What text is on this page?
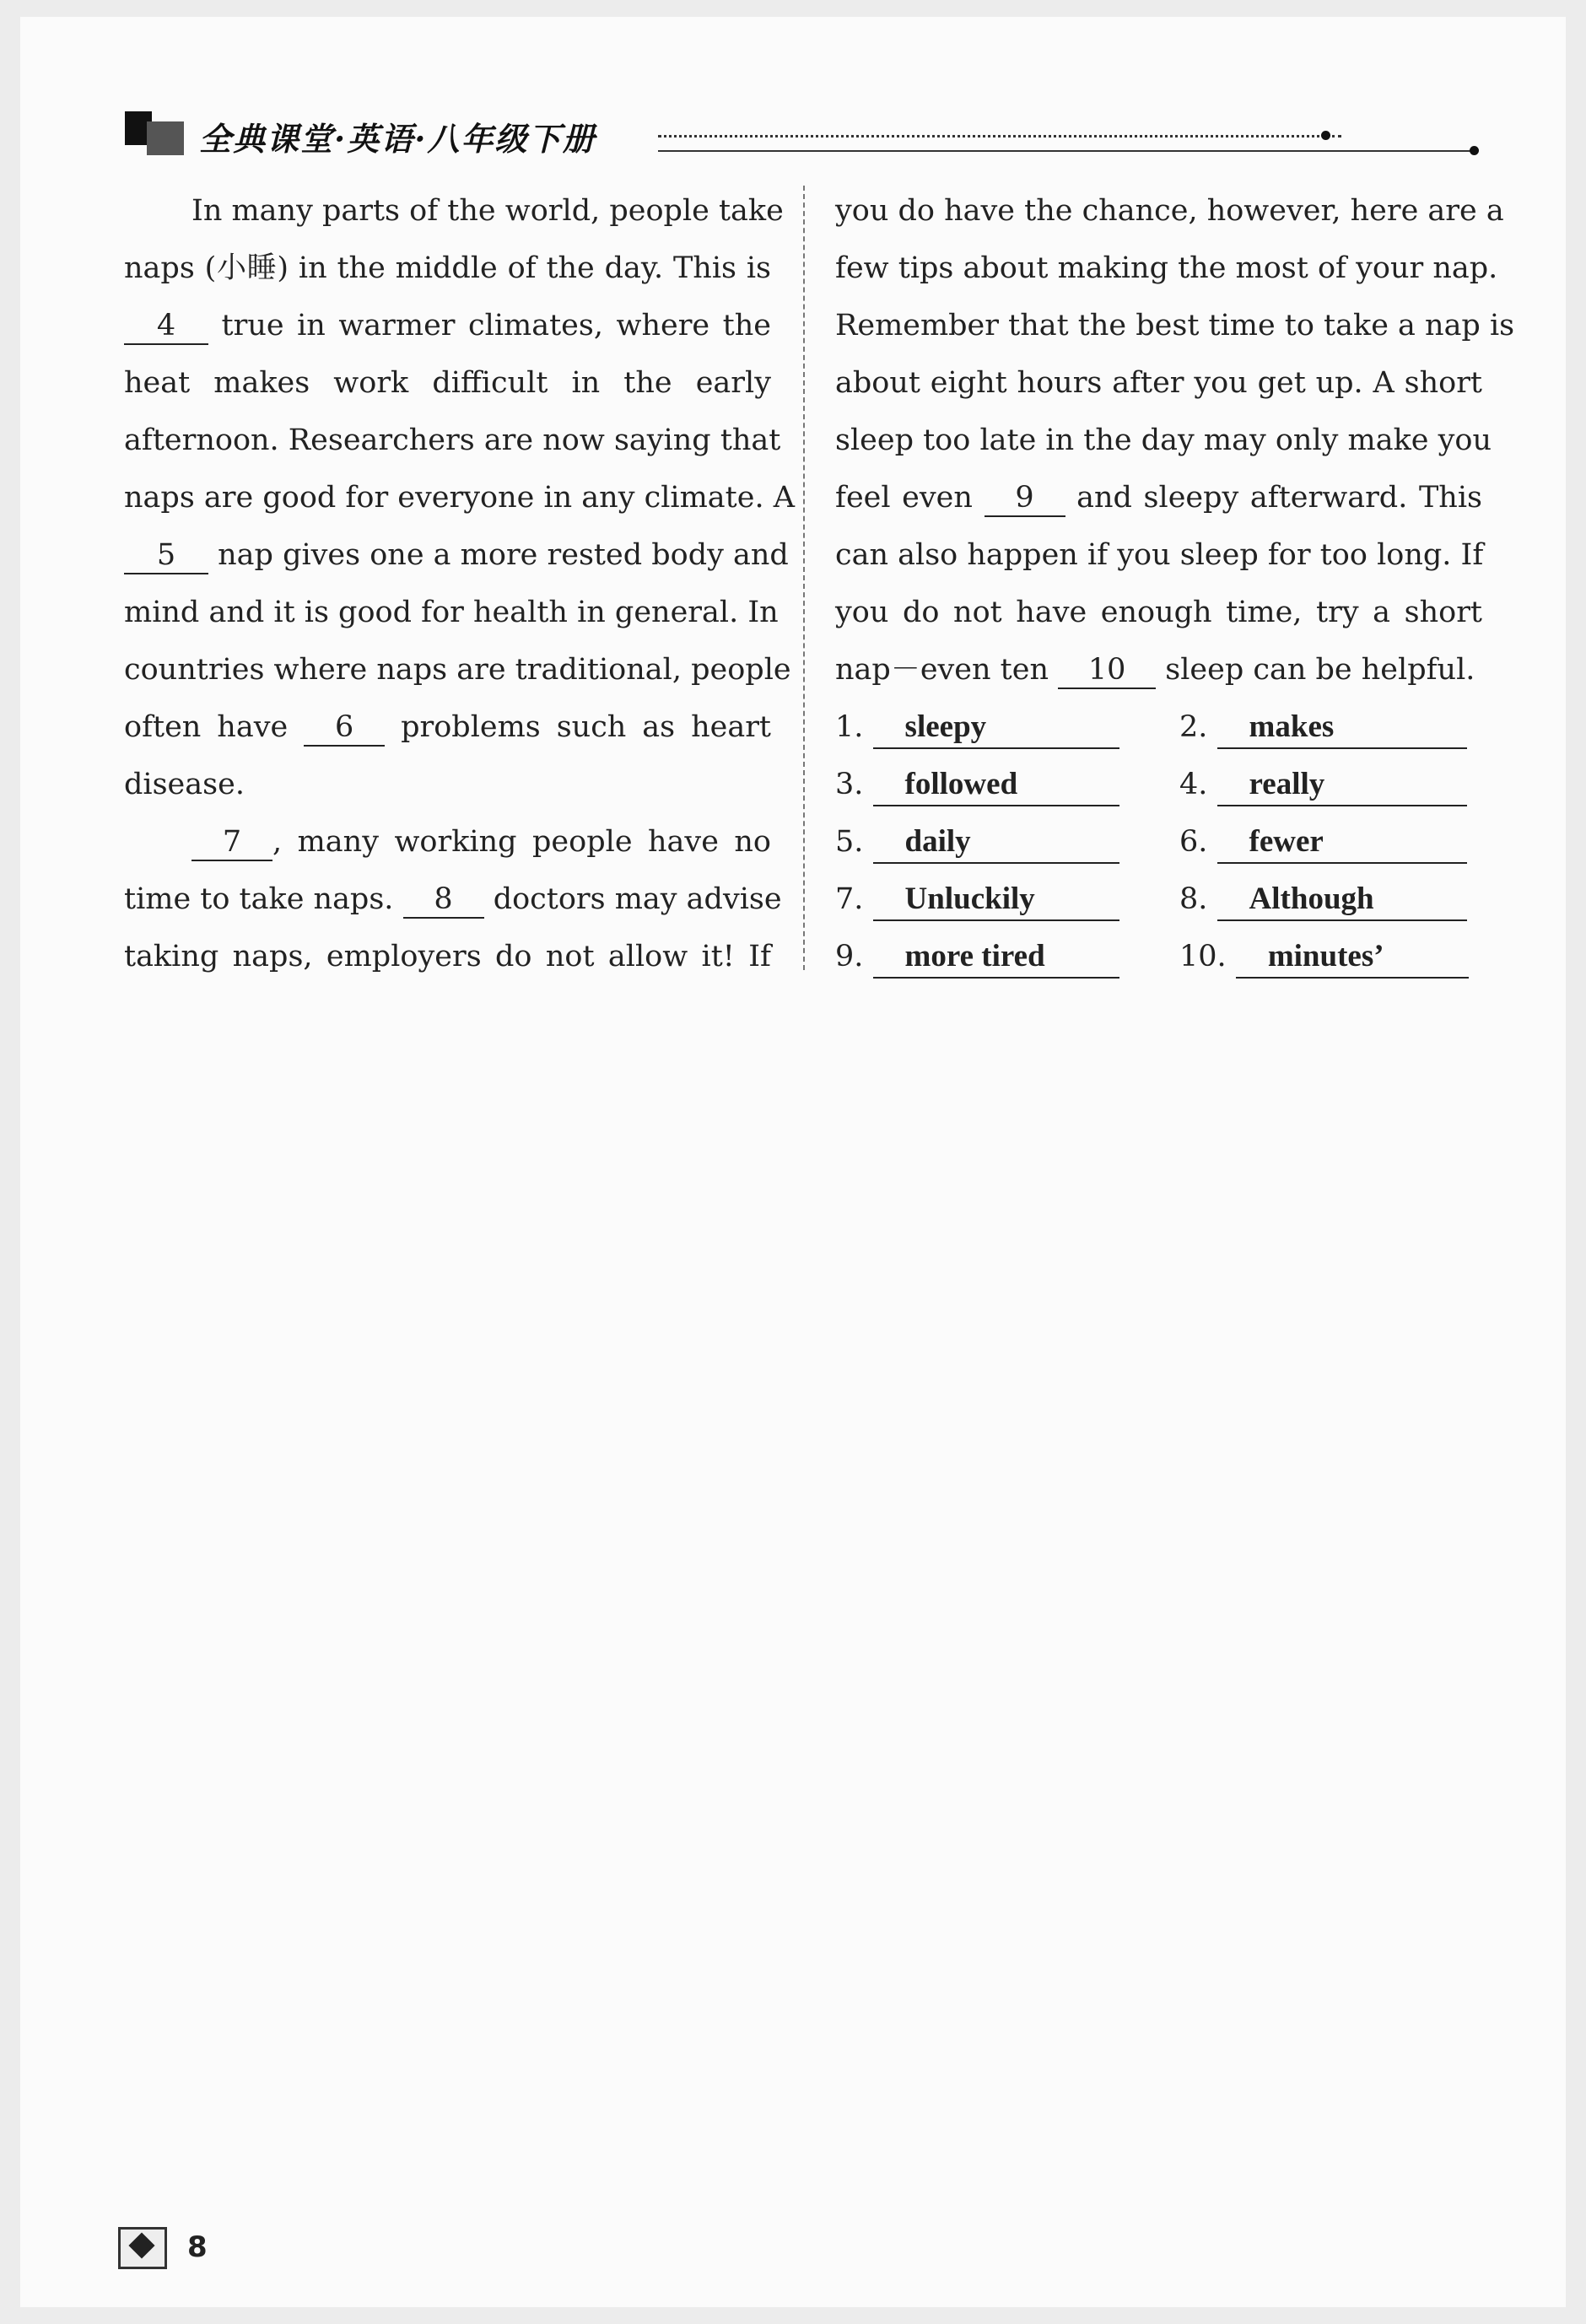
全典课堂·英语·八年级下册
In many parts of the world, people take
naps (小睡) in the middle of the day. This is
4 true in warmer climates, where the
heat makes work difficult in the early
afternoon. Researchers are now saying that
naps are good for everyone in any climate. A
5 nap gives one a more rested body and
mind and it is good for health in general. In
countries where naps are traditional, people
often have 6 problems such as heart
disease.
7 , many working people have no
time to take naps. 8 doctors may advise
taking naps, employers do not allow it! If
you do have the chance, however, here are a
few tips about making the most of your nap.
Remember that the best time to take a nap is
about eight hours after you get up. A short
sleep too late in the day may only make you
feel even 9 and sleepy afterward. This
can also happen if you sleep for too long. If
you do not have enough time, try a short
nap－even ten 10 sleep can be helpful.
1. sleepy	2. makes
3. followed	4. really
5. daily	6. fewer
7. Unluckily	8. Although
9. more tired	10. minutes’
8
